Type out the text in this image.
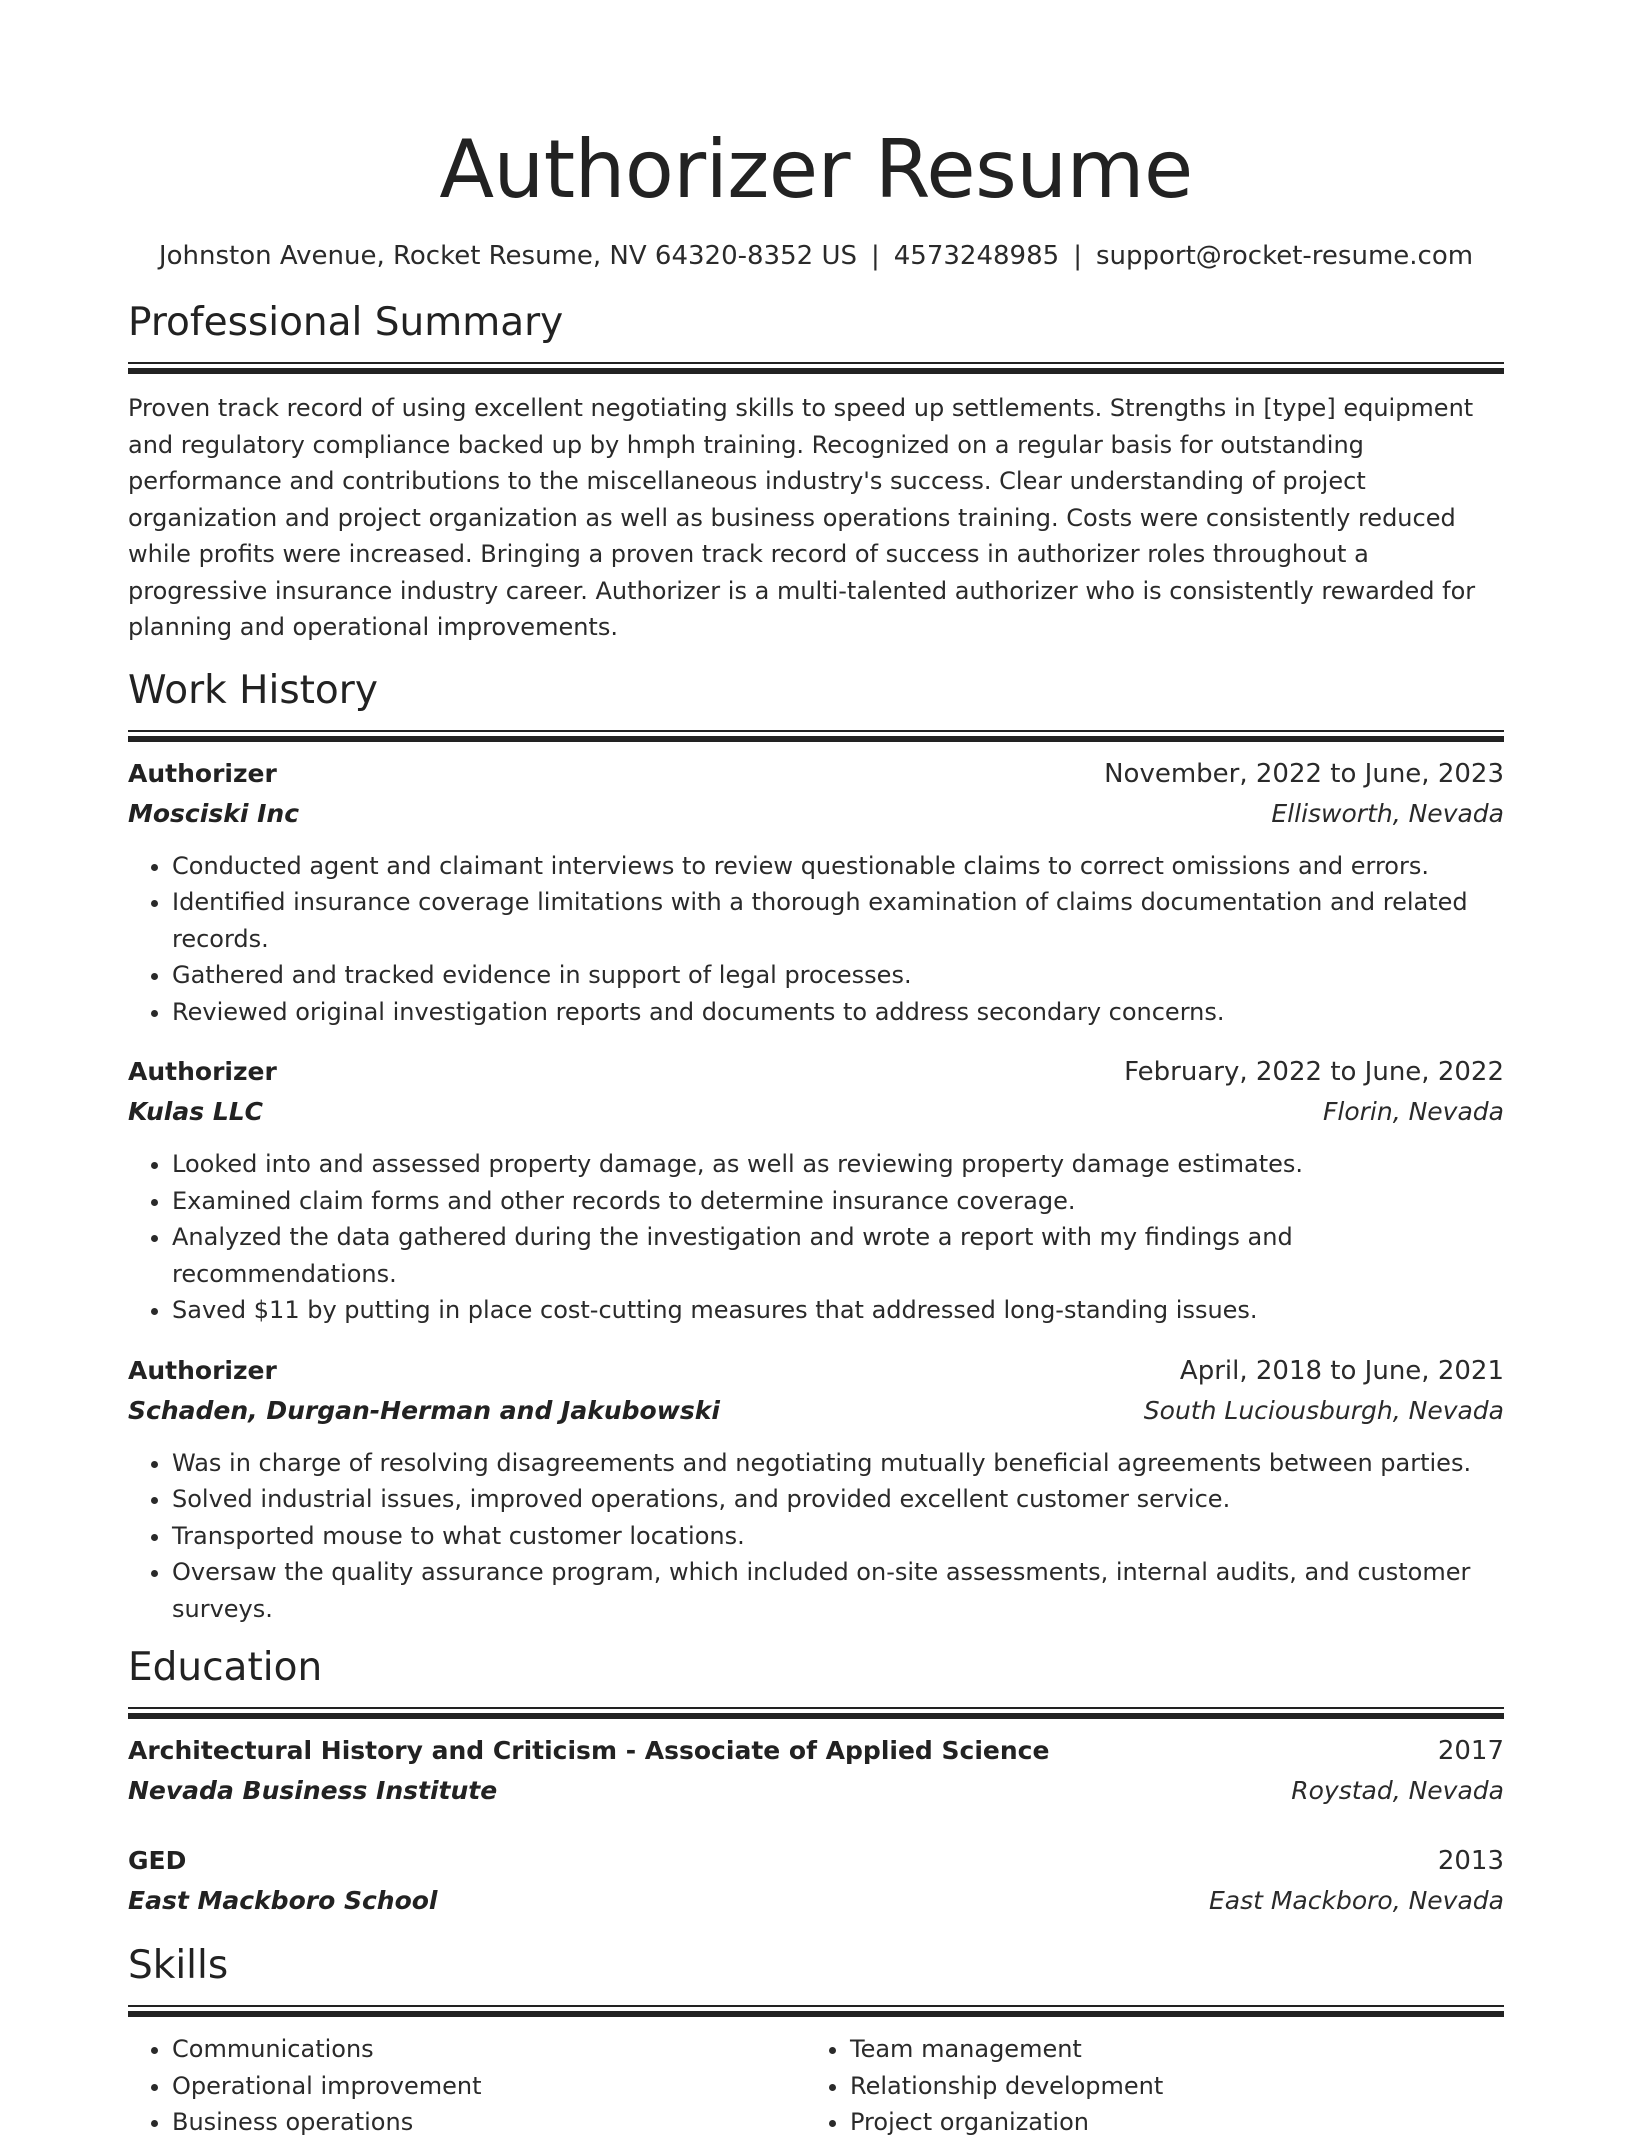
Authorizer Resume
Johnston Avenue, Rocket Resume, NV 64320-8352 US | 4573248985 | support@rocket-resume.com
Professional Summary

Proven track record of using excellent negotiating skills to speed up settlements. Strengths in [type] equipment and regulatory compliance backed up by hmph training. Recognized on a regular basis for outstanding performance and contributions to the miscellaneous industry's success. Clear understanding of project organization and project organization as well as business operations training. Costs were consistently reduced while profits were increased. Bringing a proven track record of success in authorizer roles throughout a progressive insurance industry career. Authorizer is a multi-talented authorizer who is consistently rewarded for planning and operational improvements.

Work History
Authorizer	November, 2022 to June, 2023
Mosciski Inc	Ellisworth, Nevada
• Conducted agent and claimant interviews to review questionable claims to correct omissions and errors.
• Identified insurance coverage limitations with a thorough examination of claims documentation and related records.
• Gathered and tracked evidence in support of legal processes.
• Reviewed original investigation reports and documents to address secondary concerns.
Authorizer	February, 2022 to June, 2022
Kulas LLC	Florin, Nevada
• Looked into and assessed property damage, as well as reviewing property damage estimates.
• Examined claim forms and other records to determine insurance coverage.
• Analyzed the data gathered during the investigation and wrote a report with my findings and recommendations.
• Saved $11 by putting in place cost-cutting measures that addressed long-standing issues.
Authorizer	April, 2018 to June, 2021
Schaden, Durgan-Herman and Jakubowski	South Luciousburgh, Nevada
• Was in charge of resolving disagreements and negotiating mutually beneficial agreements between parties.
• Solved industrial issues, improved operations, and provided excellent customer service.
• Transported mouse to what customer locations.
• Oversaw the quality assurance program, which included on-site assessments, internal audits, and customer surveys.
Education
Architectural History and Criticism - Associate of Applied Science	2017
Nevada Business Institute	Roystad, Nevada
GED	2013
East Mackboro School	East Mackboro, Nevada
Skills
• Communications
• Operational improvement
• Business operations
• Team management
• Relationship development
• Project organization
